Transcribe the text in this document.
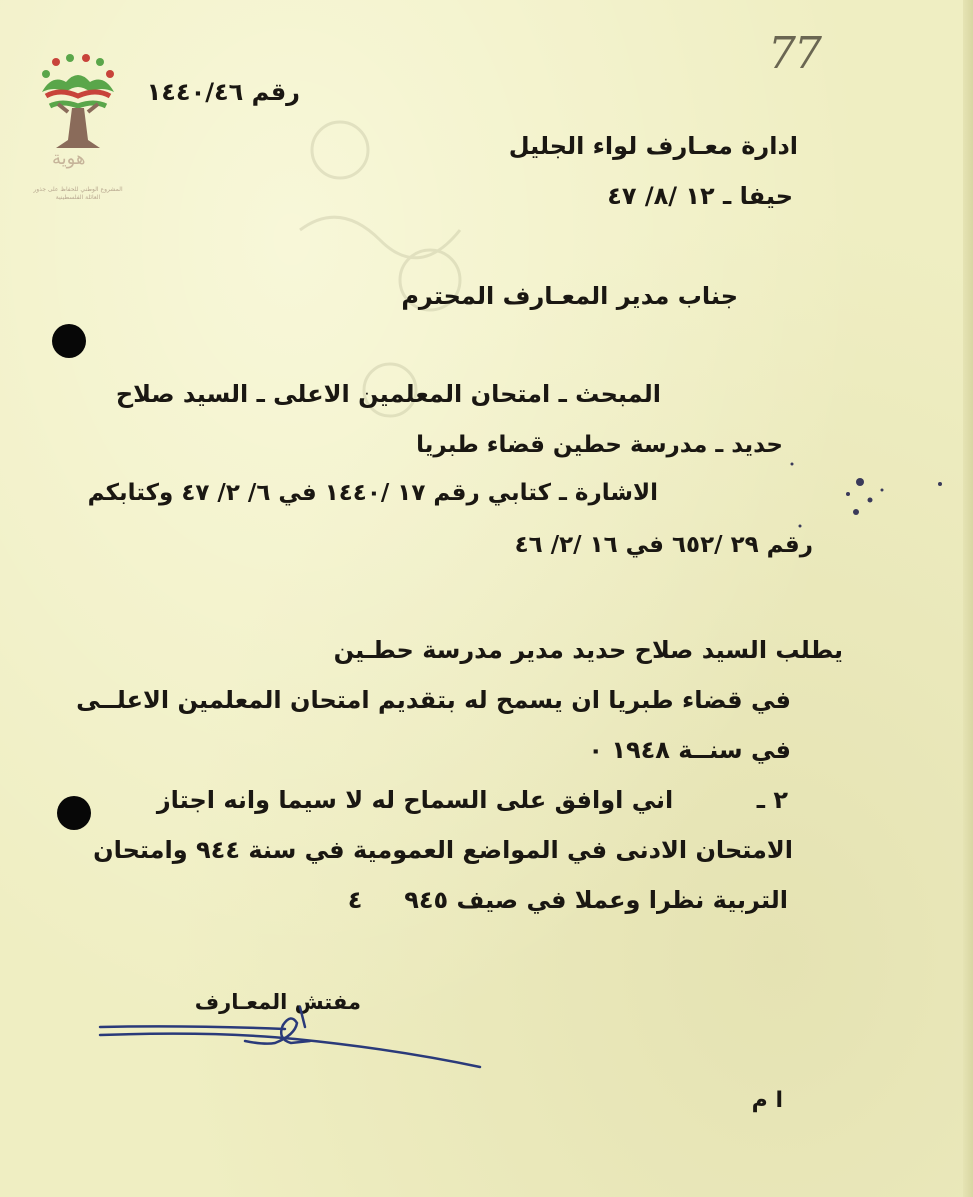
هوية
المشروع الوطني للحفاظ على جذور العائلة الفلسطينية
77
رقم ١٤٤٠/٤٦
ادارة معـارف لواء الجليل
حيفا ـ ١٢ /٨/ ٤٧
جناب مدير المعـارف المحترم
المبحث ـ امتحان المعلمين الاعلى ـ السيد صلاح
حديد ـ مدرسة حطين قضاء طبريا
الاشارة ـ كتابي رقم ١٧ /١٤٤٠ في ٦/ ٢/ ٤٧ وكتابكم
رقم ٢٩ /٦٥٢ في ١٦ /٢/ ٤٦
يطلب السيد صلاح حديد مدير مدرسة حطـين
في قضاء طبريا ان يسمح له بتقديم امتحان المعلمين الاعلــى
في سنــة ١٩٤٨ ٠
٢ ـ          اني اوافق على السماح له لا سيما وانه اجتاز
الامتحان الادنى في المواضع العمومية في سنة ٩٤٤ وامتحان
التربية نظرا وعملا في صيف ٩٤٥     ٤
مفتش المعـارف
ا م
